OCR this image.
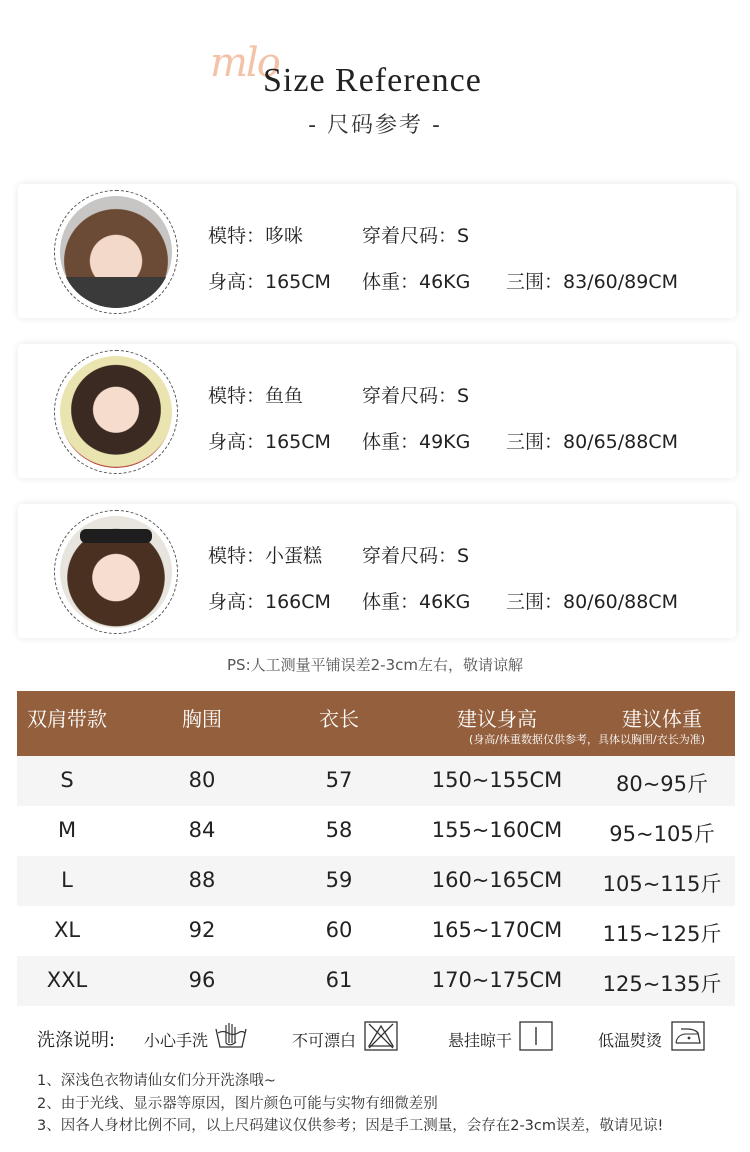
mlo
Size Reference
- 尺码参考 -
模特：哆咪	穿着尺码：S
身高：165CM 体重：46KG 三围：83/60/89CM
模特：鱼鱼	穿着尺码：S
身高：165CM 体重：49KG 三围：80/65/88CM
模特：小蛋糕 穿着尺码：S
身高：166CM 体重：46KG 三围：80/60/88CM
PS:人工测量平铺误差2-3cm左右，敬请谅解
双肩带款	胸围	衣长	建议身高	建议体重
(身高/体重数据仅供参考，具体以胸围/衣长为准)
S	80	57	150~155CM	80~95斤
M	84	58	155~160CM	95~105斤
L	88	59	160~165CM	105~115斤
XL	92	60	165~170CM	115~125斤
XXL	96	61	170~175CM	125~135斤
洗涤说明: 小心手洗	不可漂白	悬挂晾干	低温熨烫
1、深浅色衣物请仙女们分开洗涤哦~
2、由于光线、显示器等原因，图片颜色可能与实物有细微差别
3、因各人身材比例不同，以上尺码建议仅供参考；因是手工测量，会存在2-3cm误差，敬请见谅!
